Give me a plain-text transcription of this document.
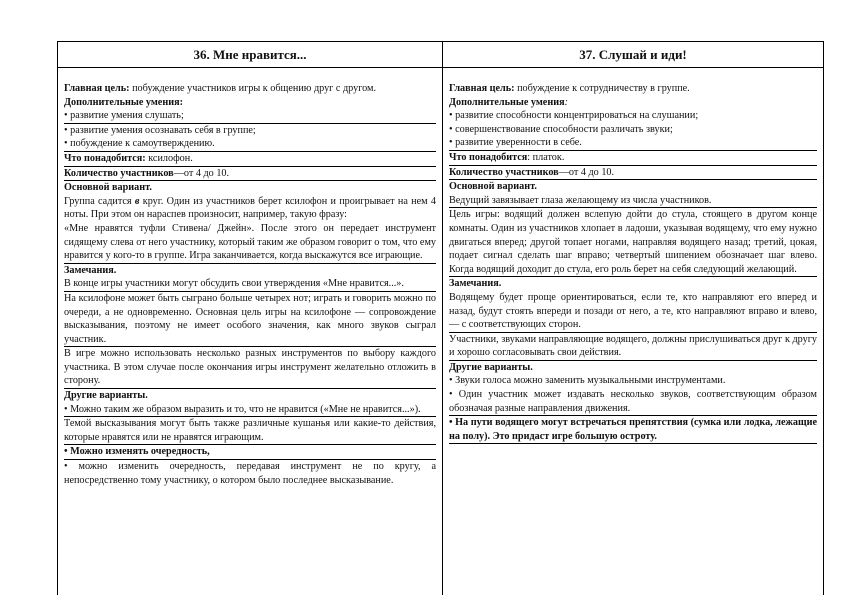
36. Мне нравится...

Главная цель: побуждение участников игры к общению друг с другом.

Дополнительные умения:

• развитие умения слушать;

• развитие умения осознавать себя в группе;

• побуждение к самоутверждению.

Что понадобится: ксилофон.

Количество участников—от 4 до 10.

Основной вариант.

Группа садится в круг. Один из участников берет ксилофон и проигрывает на нем 4 ноты. При этом он нараспев произносит, например, такую фразу:

«Мне нравятся туфли Стивена/ Джейн». После этого он передает инструмент сидящему слева от него участнику, который таким же образом говорит о том, что ему нравится у кого-то в группе. Игра заканчивается, когда выскажутся все играющие.

Замечания.

В конце игры участники могут обсудить свои утверждения «Мне нравится...».

На ксилофоне может быть сыграно больше четырех нот; играть и говорить можно по очереди, а не одновременно. Основная цель игры на ксилофоне — сопровождение высказывания, поэтому не имеет особого значения, как много звуков сыграл участник.

В игре можно использовать несколько разных инструментов по выбору каждого участника. В этом случае после окончания игры инструмент желательно отложить в сторону.

Другие варианты.

• Можно таким же образом выразить и то, что не нравится («Мне не нравится...»).

Темой высказывания могут быть также различные кушанья или какие-то действия, которые нравятся или не нравятся играющим.

• Можно изменять очередность,

• можно изменить очередность, передавая инструмент не по кругу, а непосредственно тому участнику, о котором было последнее высказывание.

37. Слушай и иди!

Главная цель: побуждение к сотрудничеству в группе.

Дополнительные умения:

• развитие способности концентрироваться на слушании;

• совершенствование способности различать звуки;

• развитие уверенности в себе.

Что понадобится: платок.

Количество участников—от 4 до 10.

Основной вариант.

Ведущий завязывает глаза желающему из числа участников.

Цель игры: водящий должен вслепую дойти до стула, стоящего в другом конце комнаты. Один из участников хлопает в ладоши, указывая водящему, что ему нужно двигаться вперед; другой топает ногами, направляя водящего назад; третий, цокая, подает сигнал сделать шаг вправо; четвертый шипением обозначает шаг влево. Когда водящий доходит до стула, его роль берет на себя следующий желающий.

Замечания.

Водящему будет проще ориентироваться, если те, кто направляют его вперед и назад, будут стоять впереди и позади от него, а те, кто направляют вправо и влево, — с соответствующих сторон.

Участники, звуками направляющие водящего, должны прислушиваться друг к другу и хорошо согласовывать свои действия.

Другие варианты.

• Звуки голоса можно заменить музыкальными инструментами.

• Один участник может издавать несколько звуков, соответствующим образом обозначая разные направления движения.

• На пути водящего могут встречаться препятствия (сумка или лодка, лежащие на полу). Это придаст игре большую остроту.
